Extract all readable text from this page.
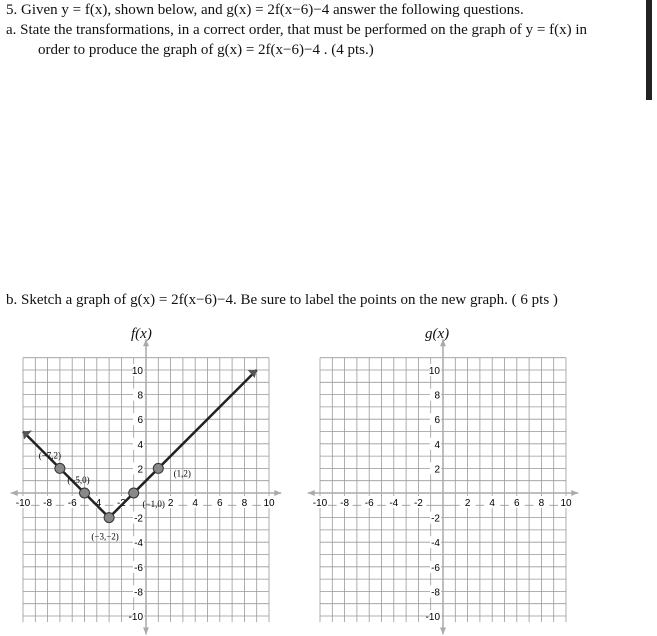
5. Given y = f(x), shown below, and g(x) = 2f(x−6)−4 answer the following questions.
a. State the transformations, in a correct order, that must be performed on the graph of y = f(x) in
order to produce the graph of g(x) = 2f(x−6)−4 . (4 pts.)
b. Sketch a graph of g(x) = 2f(x−6)−4. Be sure to label the points on the new graph. ( 6 pts )
f(x)	g(x)
-10 -8 -6 -4 -2	2 4 6 8 10
10
8
6
4
2
-2
-4
-6
-8
-10
(−7,2)
(−5,0)
(−3,−2)
(−1,0)
(1,2)
-10 -8 -6 -4 -2	2 4 6 8 10
10
8
6
4
2
-2
-4
-6
-8
-10
